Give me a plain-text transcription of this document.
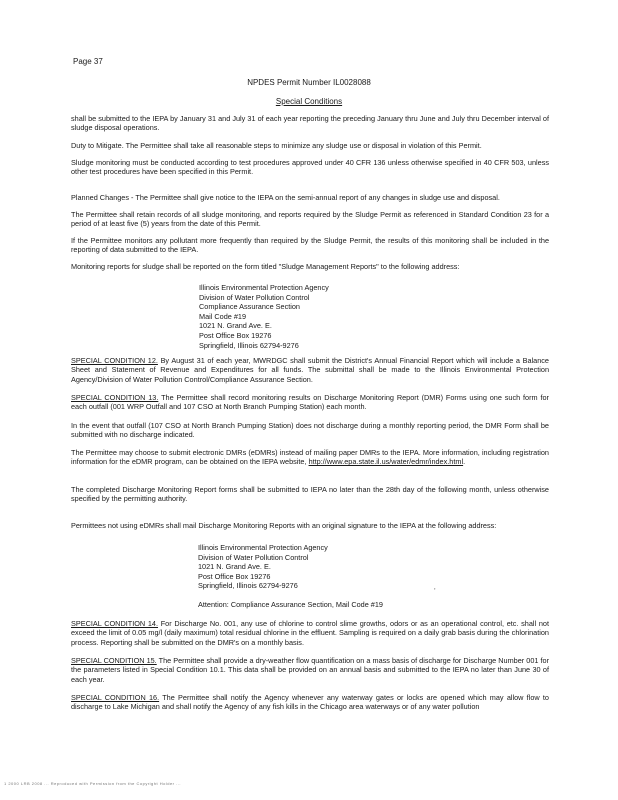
Page 37
NPDES Permit Number IL0028088
Special Conditions

shall be submitted to the IEPA by January 31 and July 31 of each year reporting the preceding January thru June and July thru December interval of sludge disposal operations.

Duty to Mitigate. The Permittee shall take all reasonable steps to minimize any sludge use or disposal in violation of this Permit.

Sludge monitoring must be conducted according to test procedures approved under 40 CFR 136 unless otherwise specified in 40 CFR 503, unless other test procedures have been specified in this Permit.

Planned Changes - The Permittee shall give notice to the IEPA on the semi-annual report of any changes in sludge use and disposal.

The Permittee shall retain records of all sludge monitoring, and reports required by the Sludge Permit as referenced in Standard Condition 23 for a period of at least five (5) years from the date of this Permit.

If the Permittee monitors any pollutant more frequently than required by the Sludge Permit, the results of this monitoring shall be included in the reporting of data submitted to the IEPA.

Monitoring reports for sludge shall be reported on the form titled "Sludge Management Reports" to the following address:

Illinois Environmental Protection Agency
Division of Water Pollution Control
Compliance Assurance Section
Mail Code #19
1021 N. Grand Ave. E.
Post Office Box 19276
Springfield, Illinois 62794-9276

SPECIAL CONDITION 12. By August 31 of each year, MWRDGC shall submit the District's Annual Financial Report which will include a Balance Sheet and Statement of Revenue and Expenditures for all funds. The submittal shall be made to the Illinois Environmental Protection Agency/Division of Water Pollution Control/Compliance Assurance Section.

SPECIAL CONDITION 13. The Permittee shall record monitoring results on Discharge Monitoring Report (DMR) Forms using one such form for each outfall (001 WRP Outfall and 107 CSO at North Branch Pumping Station) each month.

In the event that outfall (107 CSO at North Branch Pumping Station) does not discharge during a monthly reporting period, the DMR Form shall be submitted with no discharge indicated.

The Permittee may choose to submit electronic DMRs (eDMRs) instead of mailing paper DMRs to the IEPA. More information, including registration information for the eDMR program, can be obtained on the IEPA website, http://www.epa.state.il.us/water/edmr/index.html.

The completed Discharge Monitoring Report forms shall be submitted to IEPA no later than the 28th day of the following month, unless otherwise specified by the permitting authority.

Permittees not using eDMRs shall mail Discharge Monitoring Reports with an original signature to the IEPA at the following address:

Illinois Environmental Protection Agency
Division of Water Pollution Control
1021 N. Grand Ave. E.
Post Office Box 19276
Springfield, Illinois 62794-9276	,
Attention: Compliance Assurance Section, Mail Code #19

SPECIAL CONDITION 14. For Discharge No. 001, any use of chlorine to control slime growths, odors or as an operational control, etc. shall not exceed the limit of 0.05 mg/l (daily maximum) total residual chlorine in the effluent. Sampling is required on a daily grab basis during the chlorination process. Reporting shall be submitted on the DMR's on a monthly basis.

SPECIAL CONDITION 15. The Permittee shall provide a dry-weather flow quantification on a mass basis of discharge for Discharge Number 001 for the parameters listed in Special Condition 10.1. This data shall be provided on an annual basis and submitted to the IEPA no later than June 30 of each year.

SPECIAL CONDITION 16. The Permittee shall notify the Agency whenever any waterway gates or locks are opened which may allow flow to discharge to Lake Michigan and shall notify the Agency of any fish kills in the Chicago area waterways or of any water pollution

1 2000 LRB 2008 ... Reproduced with Permission from the Copyright Holder ...
